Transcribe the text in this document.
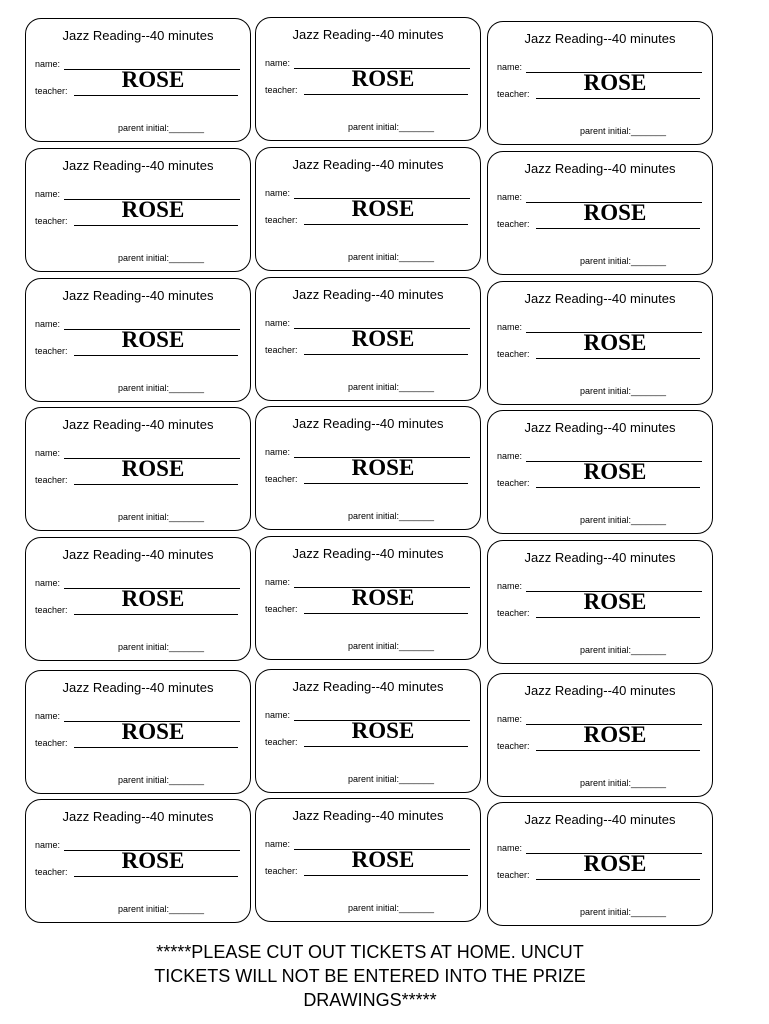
Jazz Reading--40 minutes
name:
teacher:	ROSE
parent initial:_______
Jazz Reading--40 minutes
name:
teacher:	ROSE
parent initial:_______
Jazz Reading--40 minutes
name:
teacher:	ROSE
parent initial:_______
Jazz Reading--40 minutes
name:
teacher:	ROSE
parent initial:_______
Jazz Reading--40 minutes
name:
teacher:	ROSE
parent initial:_______
Jazz Reading--40 minutes
name:
teacher:	ROSE
parent initial:_______
Jazz Reading--40 minutes
name:
teacher:	ROSE
parent initial:_______
Jazz Reading--40 minutes
name:
teacher:	ROSE
parent initial:_______
Jazz Reading--40 minutes
name:
teacher:	ROSE
parent initial:_______
Jazz Reading--40 minutes
name:
teacher:	ROSE
parent initial:_______
Jazz Reading--40 minutes
name:
teacher:	ROSE
parent initial:_______
Jazz Reading--40 minutes
name:
teacher:	ROSE
parent initial:_______
Jazz Reading--40 minutes
name:
teacher:	ROSE
parent initial:_______
Jazz Reading--40 minutes
name:
teacher:	ROSE
parent initial:_______
Jazz Reading--40 minutes
name:
teacher:	ROSE
parent initial:_______
Jazz Reading--40 minutes
name:
teacher:	ROSE
parent initial:_______
Jazz Reading--40 minutes
name:
teacher:	ROSE
parent initial:_______
Jazz Reading--40 minutes
name:
teacher:	ROSE
parent initial:_______
Jazz Reading--40 minutes
name:
teacher:	ROSE
parent initial:_______
Jazz Reading--40 minutes
name:
teacher:	ROSE
parent initial:_______
Jazz Reading--40 minutes
name:
teacher:	ROSE
parent initial:_______
*****PLEASE CUT OUT TICKETS AT HOME. UNCUT
TICKETS WILL NOT BE ENTERED INTO THE PRIZE
DRAWINGS*****
